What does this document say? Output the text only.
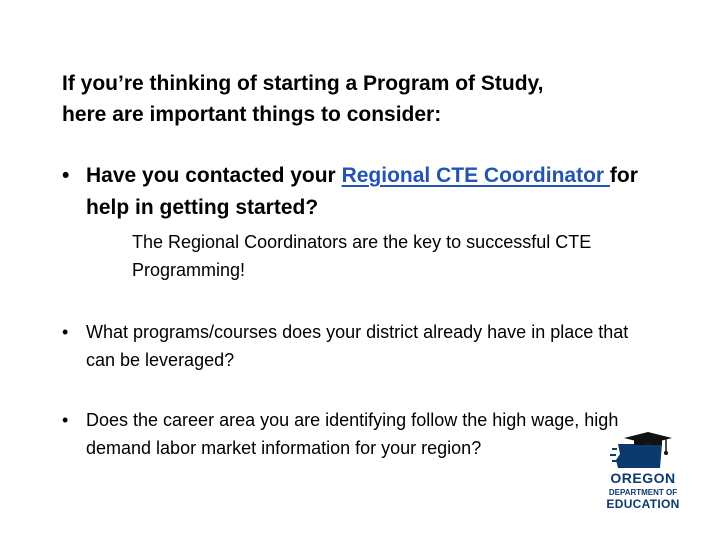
If you’re thinking of starting a Program of Study,
here are important things to consider:
• Have you contacted your Regional CTE Coordinator for help in getting started?
The Regional Coordinators are the key to successful CTE Programming!
• What programs/courses does your district already have in place that can be leveraged?
• Does the career area you are identifying follow the high wage, high demand labor market information for your region?
OREGON
DEPARTMENT OF
EDUCATION
